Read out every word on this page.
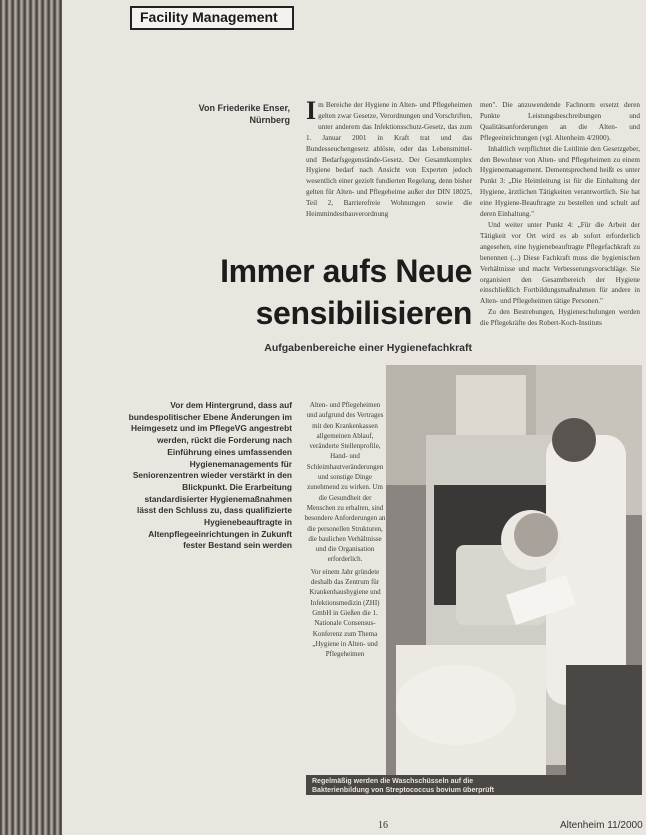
Facility Management
Von Friederike Enser,
Nürnberg Im Bereiche der Hygiene in Alten- und Pflegeheimen gelten zwar Gesetze, Verordnungen und Vorschriften, unter anderem das Infektionsschutz-Gesetz, das zum 1. Januar 2001 in Kraft trat und das Bundesseuchengesetz ablöste, oder das Lebensmittel- und Bedarfsgegenstände-Gesetz. Der Gesamtkomplex Hygiene bedarf nach Ansicht von Experten jedoch wesentlich einer gezielt fundierten Regelung, denn bisher gelten für Alten- und Pflegeheime außer der DIN 18025, Teil 2, Barrierefreie Wohnungen sowie die Heimmindestbauverordnung

men". Die anzuwendende Fachnorm ersetzt deren Punkte Leistungsbeschreibungen und Qualitätsanforderungen an die Alten- und Pflegeeinrichtungen (vgl. Altenheim 4/2000).

Inhaltlich verpflichtet die Leitlinie den Gesetzgeber, den Bewohner von Alten- und Pflegeheimen zu einem Hygienemanagement. Dementsprechend heißt es unter Punkt 3: „Die Heimleitung ist für die Einhaltung der Hygiene, ärztlichen Tätigkeiten verantwortlich. Sie hat eine Hygiene-Beauftragte zu bestellen und schult auf deren Einhaltung."

Und weiter unter Punkt 4: „Für die Arbeit der Tätigkeit vor Ort wird es ab sofort erforderlich angesehen, eine hygienebeauftragte Pflegefachkraft zu benennen (...) Diese Fachkraft muss die hygienischen Verhältnisse und macht Verbesserungsvorschläge. Sie organisiert den Gesamtbereich der Hygiene einschließlich Fortbildungsmaßnahmen für andere in Alten- und Pflegeheimen tätige Personen."

Zu den Bestrebungen, Hygieneschulungen werden die Pflegekräfte des Robert-Koch-Instituts

Immer aufs Neue
sensibilisieren
Aufgabenbereiche einer Hygienefachkraft
Vor dem Hintergrund, dass auf bundespolitischer Ebene Änderungen im Heimgesetz und im PflegeVG angestrebt werden, rückt die Forderung nach Einführung eines umfassenden Hygienemanagements für Seniorenzentren wieder verstärkt in den Blickpunkt. Die Erarbeitung standardisierter Hygienemaßnahmen lässt den Schluss zu, dass qualifizierte Hygienebeauftragte in Altenpflegeeinrichtungen in Zukunft fester Bestand sein werden

Alten- und Pflegeheimen und aufgrund des Vertrages mit den Krankenkassen allgemeinen Ablauf, veränderte Stellenprofile, Hand- und Schleimhautveränderungen und sonstige Dinge zunehmend zu wirken. Um die Gesundheit der Menschen zu erhalten, sind besondere Anforderungen an die personellen Strukturen, die baulichen Verhältnisse und die Organisation erforderlich.

Vor einem Jahr gründete deshalb das Zentrum für Krankenhaushygiene und Infektionsmedizin (ZHI) GmbH in Gießen die 1. Nationale Consensus-Konferenz zum Thema „Hygiene in Alten- und Pflegeheimen

Regelmäßig werden die Waschschüsseln auf die
Bakterienbildung von Streptococcus bovium überprüft
16	Altenheim 11/2000
